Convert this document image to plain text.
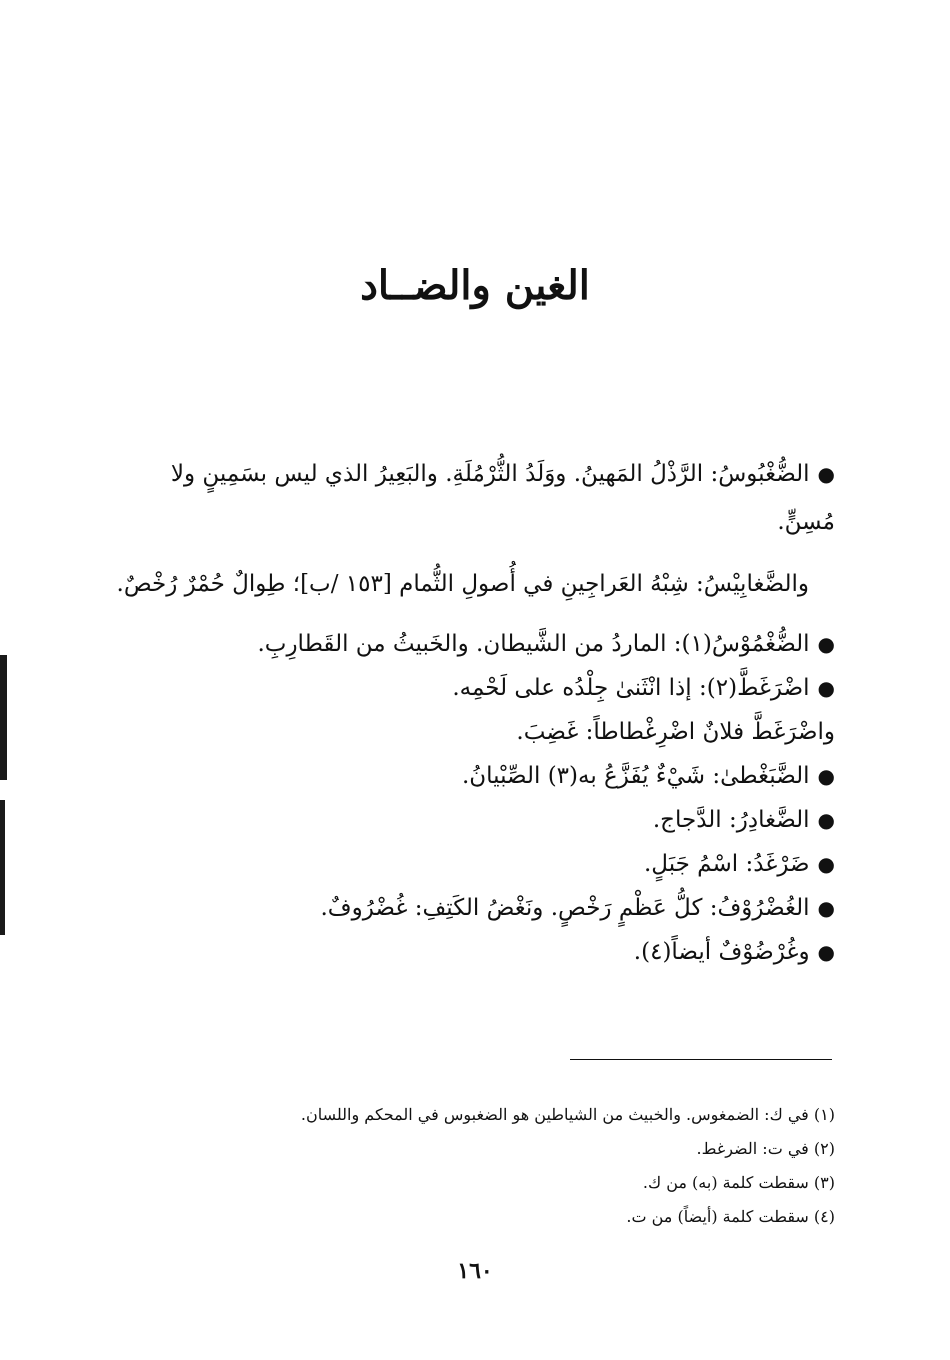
الغين والضــاد

●الضُّغْبُوسُ: الرَّذْلُ المَهينُ. ووَلَدُ الثُّرْمُلَةِ. والبَعِيرُ الذي ليس بسَمِينٍ ولا مُسِنٍّ.

والضَّغابِيْسُ: شِبْهُ العَراجِينِ في أُصولِ الثُّمام [١٥٣ /ب]؛ طِوالٌ حُمْرٌ رُخْصٌ.

●الضُّغْمُوْسُ(١): الماردُ من الشَّيطان. والخَبيثُ من القَطارِبِ.

●اضْرَغَطَّ(٢): إذا انْثَنىٰ جِلْدُه على لَحْمِه.

واضْرَغَطَّ فلانٌ اضْرِغْطاطاً: غَضِبَ.

●الضَّبَغْطىٰ: شَيْءٌ يُفَزَّعُ به(٣) الصِّبْيانُ.

●الضَّغادِرُ: الدَّجاج.

●ضَرْغَدُ: اسْمُ جَبَلٍ.

●الغُضْرُوْفُ: كلُّ عَظْمٍ رَخْصٍ. ونَغْضُ الكَتِفِ: غُضْرُوفٌ.

●وغُرْضُوْفٌ أيضاً(٤).

(١) في ك: الضمغوس. والخبيث من الشياطين هو الضغبوس في المحكم واللسان.

(٢) في ت: الضرغط.

(٣) سقطت كلمة (به) من ك.

(٤) سقطت كلمة (أيضاً) من ت.

١٦٠
